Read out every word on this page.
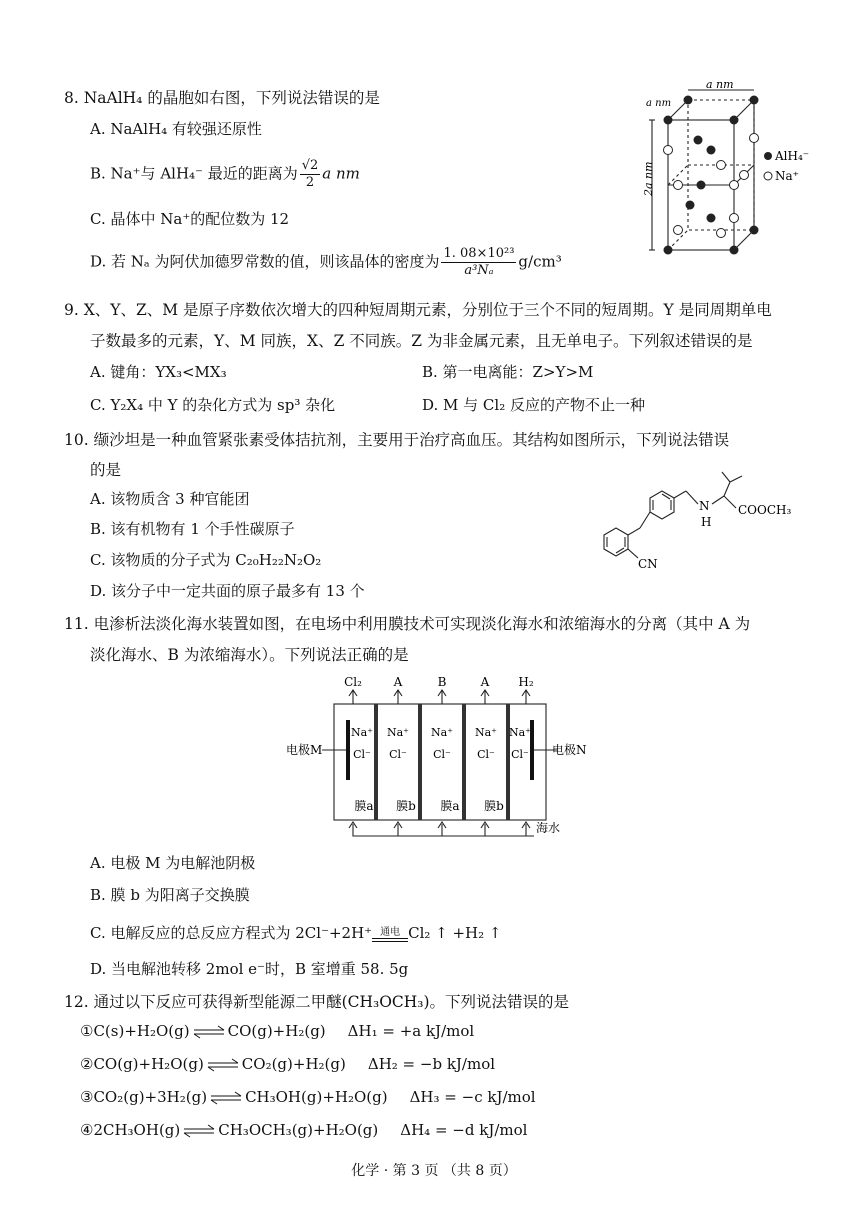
8. NaAlH₄ 的晶胞如右图，下列说法错误的是
A. NaAlH₄ 有较强还原性
B. Na⁺与 AlH₄⁻ 最近的距离为 $\frac{√2}{2}$ a nm
C. 晶体中 Na⁺的配位数为 12
D. 若 Nₐ 为阿伏加德罗常数的值，则该晶体的密度为 $\frac{\text{1. 08×10²³}}{\text{a³Nₐ}} g/cm^3$
a nm
a nm
2a nm
AlH₄⁻
Na⁺
9. X、Y、Z、M 是原子序数依次增大的四种短周期元素，分别位于三个不同的短周期。Y 是同周期单电
子数最多的元素，Y、M 同族，X、Z 不同族。Z 为非金属元素，且无单电子。下列叙述错误的是
A. 键角：YX₃<MX₃	B. 第一电离能：Z>Y>M
C. Y₂X₄ 中 Y 的杂化方式为 sp³ 杂化	D. M 与 Cl₂ 反应的产物不止一种
10. 缬沙坦是一种血管紧张素受体拮抗剂，主要用于治疗高血压。其结构如图所示，下列说法错误
的是
A. 该物质含 3 种官能团
B. 该有机物有 1 个手性碳原子
C. 该物质的分子式为 C₂₀H₂₂N₂O₂
D. 该分子中一定共面的原子最多有 13 个
N
H
COOCH₃
CN
11. 电渗析法淡化海水装置如图，在电场中利用膜技术可实现淡化海水和浓缩海水的分离（其中 A 为
淡化海水、B 为浓缩海水）。下列说法正确的是
Cl₂	A	B	A H₂
Na⁺
Cl⁻
Na⁺
Cl⁻
Na⁺
Cl⁻
Na⁺
Cl⁻
Na⁺
Cl⁻
膜a 膜b 膜a 膜b
电极M	电极N
海水
A. 电极 M 为电解池阴极
B. 膜 b 为阳离子交换膜
C. 电解反应的总反应方程式为 2Cl⁻+2H⁺ 通电 Cl₂ ↑ +H₂ ↑
D. 当电解池转移 2mol e⁻时，B 室增重 58. 5g
12. 通过以下反应可获得新型能源二甲醚(CH₃OCH₃)。下列说法错误的是
①C(s)+H₂O(g) ⇌ CO(g)+H₂(g) ΔH₁ = +a kJ/mol
②CO(g)+H₂O(g) ⇌ CO₂(g)+H₂(g) ΔH₂ = −b kJ/mol
③CO₂(g)+3H₂(g) ⇌ CH₃OH(g)+H₂O(g) ΔH₃ = −c kJ/mol
④2CH₃OH(g) ⇌ CH₃OCH₃(g)+H₂O(g) ΔH₄ = −d kJ/mol
化学 · 第 3 页 （共 8 页）
